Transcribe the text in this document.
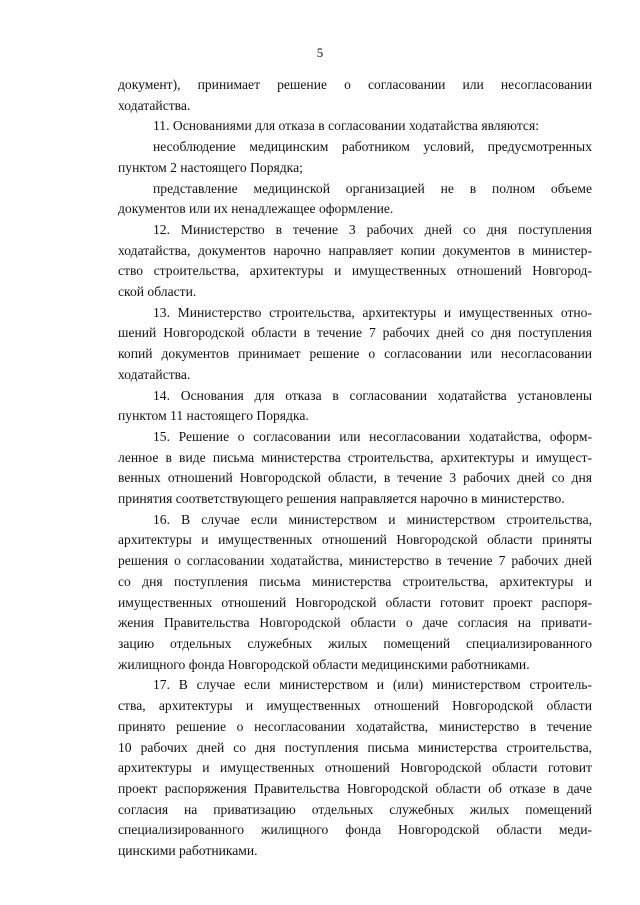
5
документ), принимает решение о согласовании или несогласовании
ходатайства.
11. Основаниями для отказа в согласовании ходатайства являются:
несоблюдение медицинским работником условий, предусмотренных
пунктом 2 настоящего Порядка;
представление медицинской организацией не в полном объеме
документов или их ненадлежащее оформление.
12. Министерство в течение 3 рабочих дней со дня поступления
ходатайства, документов нарочно направляет копии документов в министер-
ство строительства, архитектуры и имущественных отношений Новгород-
ской области.
13. Министерство строительства, архитектуры и имущественных отно-
шений Новгородской области в течение 7 рабочих дней со дня поступления
копий документов принимает решение о согласовании или несогласовании
ходатайства.
14. Основания для отказа в согласовании ходатайства установлены
пунктом 11 настоящего Порядка.
15. Решение о согласовании или несогласовании ходатайства, оформ-
ленное в виде письма министерства строительства, архитектуры и имущест-
венных отношений Новгородской области, в течение 3 рабочих дней со дня
принятия соответствующего решения направляется нарочно в министерство.
16. В случае если министерством и министерством строительства,
архитектуры и имущественных отношений Новгородской области приняты
решения о согласовании ходатайства, министерство в течение 7 рабочих дней
со дня поступления письма министерства строительства, архитектуры и
имущественных отношений Новгородской области готовит проект распоря-
жения Правительства Новгородской области о даче согласия на привати-
зацию отдельных служебных жилых помещений специализированного
жилищного фонда Новгородской области медицинскими работниками.
17. В случае если министерством и (или) министерством строитель-
ства, архитектуры и имущественных отношений Новгородской области
принято решение о несогласовании ходатайства, министерство в течение
10 рабочих дней со дня поступления письма министерства строительства,
архитектуры и имущественных отношений Новгородской области готовит
проект распоряжения Правительства Новгородской области об отказе в даче
согласия на приватизацию отдельных служебных жилых помещений
специализированного жилищного фонда Новгородской области меди-
цинскими работниками.
